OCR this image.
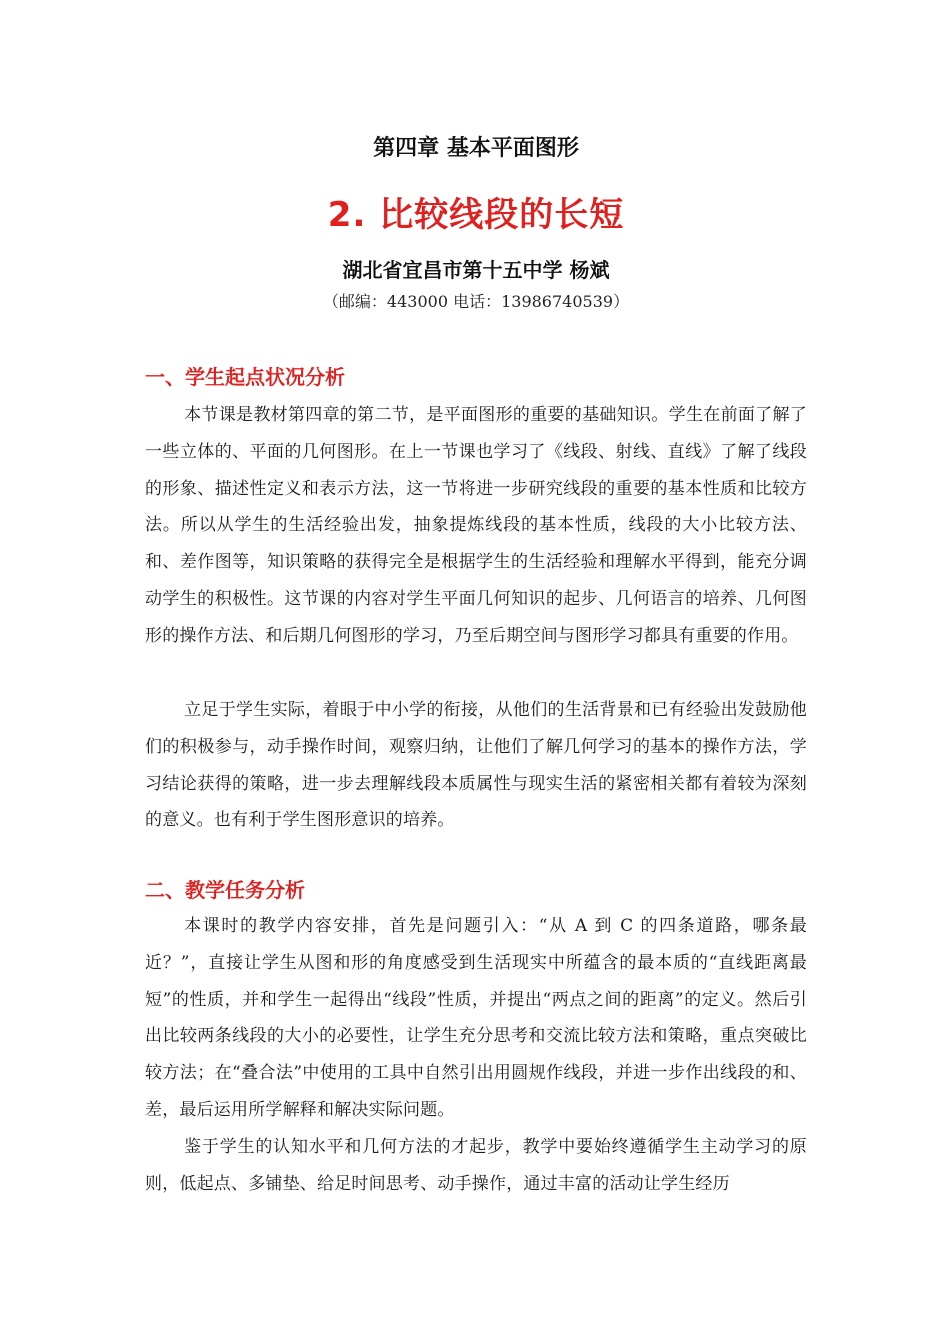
第四章 基本平面图形
2. 比较线段的长短
湖北省宜昌市第十五中学 杨斌
（邮编：443000 电话：13986740539）
一、学生起点状况分析

本节课是教材第四章的第二节，是平面图形的重要的基础知识。学生在前面了解了一些立体的、平面的几何图形。在上一节课也学习了《线段、射线、直线》了解了线段的形象、描述性定义和表示方法，这一节将进一步研究线段的重要的基本性质和比较方法。所以从学生的生活经验出发，抽象提炼线段的基本性质，线段的大小比较方法、和、差作图等，知识策略的获得完全是根据学生的生活经验和理解水平得到，能充分调动学生的积极性。这节课的内容对学生平面几何知识的起步、几何语言的培养、几何图形的操作方法、和后期几何图形的学习，乃至后期空间与图形学习都具有重要的作用。

立足于学生实际，着眼于中小学的衔接，从他们的生活背景和已有经验出发鼓励他们的积极参与，动手操作时间，观察归纳，让他们了解几何学习的基本的操作方法，学习结论获得的策略，进一步去理解线段本质属性与现实生活的紧密相关都有着较为深刻的意义。也有利于学生图形意识的培养。

二、教学任务分析

本课时的教学内容安排，首先是问题引入：“从 A 到 C 的四条道路，哪条最近？”，直接让学生从图和形的角度感受到生活现实中所蕴含的最本质的“直线距离最短”的性质，并和学生一起得出“线段”性质，并提出“两点之间的距离”的定义。然后引出比较两条线段的大小的必要性，让学生充分思考和交流比较方法和策略，重点突破比较方法；在“叠合法”中使用的工具中自然引出用圆规作线段，并进一步作出线段的和、差，最后运用所学解释和解决实际问题。

鉴于学生的认知水平和几何方法的才起步，教学中要始终遵循学生主动学习的原则，低起点、多铺垫、给足时间思考、动手操作，通过丰富的活动让学生经历
